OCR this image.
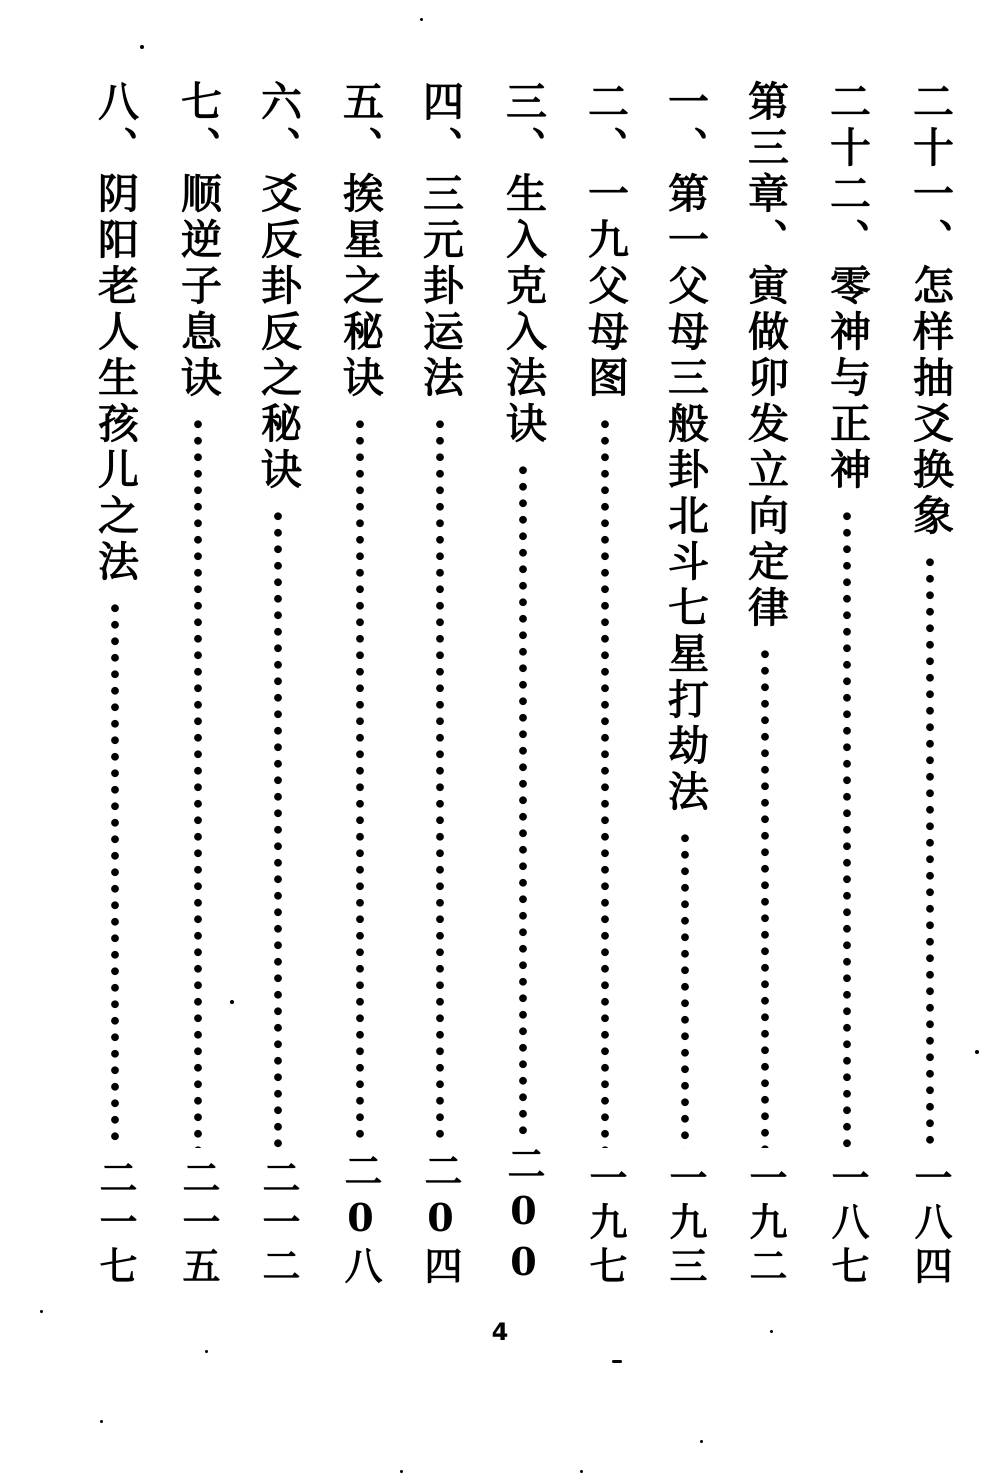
二十一、怎样抽爻换象
一八四
二十二、零神与正神
一八七
第三章、寅做卯发立向定律
一九二
一、第一父母三般卦北斗七星打劫法
一九三
二、一九父母图
一九七
三、生入克入法诀
二00
四、三元卦运法
二0四
五、挨星之秘诀
二0八
六、爻反卦反之秘诀
二一二
七、顺逆子息诀
二一五
八、阴阳老人生孩儿之法
二一七
4
